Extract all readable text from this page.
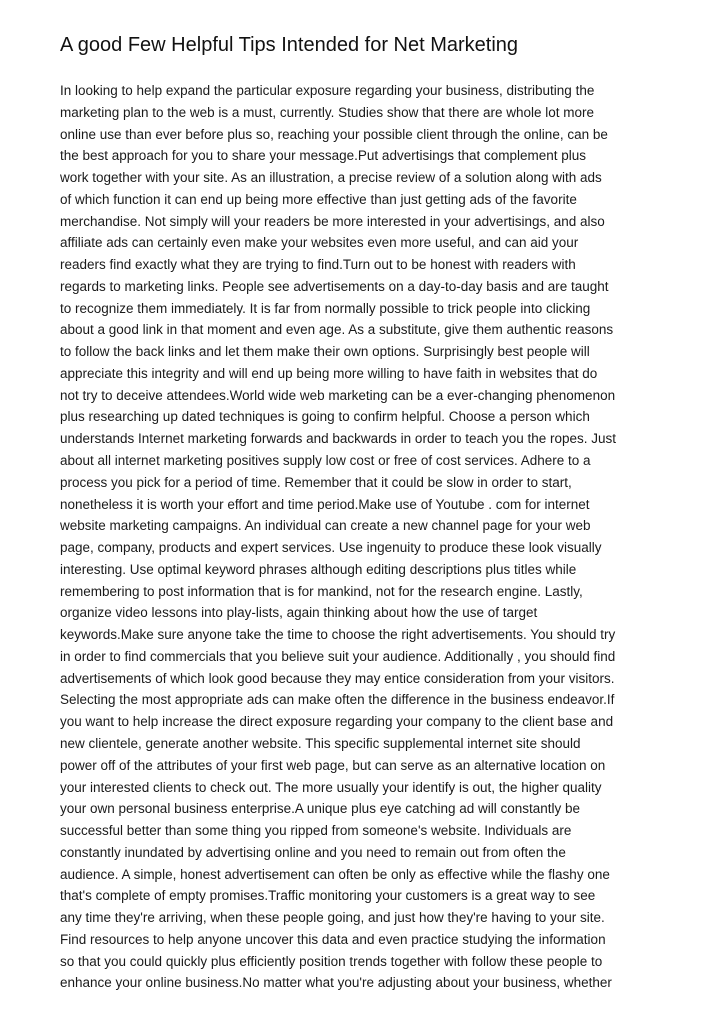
A good Few Helpful Tips Intended for Net Marketing
In looking to help expand the particular exposure regarding your business, distributing the
marketing plan to the web is a must, currently. Studies show that there are whole lot more
online use than ever before plus so, reaching your possible client through the online, can be
the best approach for you to share your message.Put advertisings that complement plus
work together with your site. As an illustration, a precise review of a solution along with ads
of which function it can end up being more effective than just getting ads of the favorite
merchandise. Not simply will your readers be more interested in your advertisings, and also
affiliate ads can certainly even make your websites even more useful, and can aid your
readers find exactly what they are trying to find.Turn out to be honest with readers with
regards to marketing links. People see advertisements on a day-to-day basis and are taught
to recognize them immediately. It is far from normally possible to trick people into clicking
about a good link in that moment and even age. As a substitute, give them authentic reasons
to follow the back links and let them make their own options. Surprisingly best people will
appreciate this integrity and will end up being more willing to have faith in websites that do
not try to deceive attendees.World wide web marketing can be a ever-changing phenomenon
plus researching up dated techniques is going to confirm helpful. Choose a person which
understands Internet marketing forwards and backwards in order to teach you the ropes. Just
about all internet marketing positives supply low cost or free of cost services. Adhere to a
process you pick for a period of time. Remember that it could be slow in order to start,
nonetheless it is worth your effort and time period.Make use of Youtube . com for internet
website marketing campaigns. An individual can create a new channel page for your web
page, company, products and expert services. Use ingenuity to produce these look visually
interesting. Use optimal keyword phrases although editing descriptions plus titles while
remembering to post information that is for mankind, not for the research engine. Lastly,
organize video lessons into play-lists, again thinking about how the use of target
keywords.Make sure anyone take the time to choose the right advertisements. You should try
in order to find commercials that you believe suit your audience. Additionally , you should find
advertisements of which look good because they may entice consideration from your visitors.
Selecting the most appropriate ads can make often the difference in the business endeavor.If
you want to help increase the direct exposure regarding your company to the client base and
new clientele, generate another website. This specific supplemental internet site should
power off of the attributes of your first web page, but can serve as an alternative location on
your interested clients to check out. The more usually your identify is out, the higher quality
your own personal business enterprise.A unique plus eye catching ad will constantly be
successful better than some thing you ripped from someone's website. Individuals are
constantly inundated by advertising online and you need to remain out from often the
audience. A simple, honest advertisement can often be only as effective while the flashy one
that's complete of empty promises.Traffic monitoring your customers is a great way to see
any time they're arriving, when these people going, and just how they're having to your site.
Find resources to help anyone uncover this data and even practice studying the information
so that you could quickly plus efficiently position trends together with follow these people to
enhance your online business.No matter what you're adjusting about your business, whether
